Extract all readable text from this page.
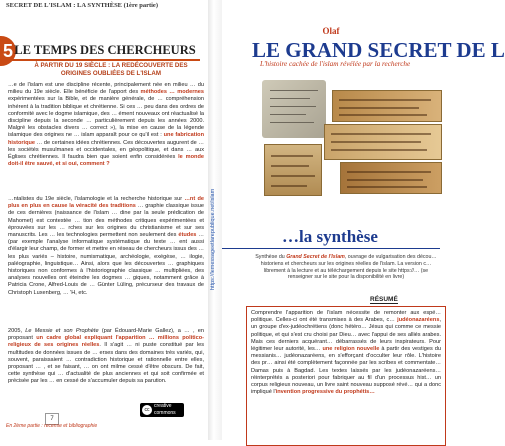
SECRET DE L'ISLAM : LA SYNTHÈSE (1ère partie)
5 LE TEMPS DES CHERCHEURS
À PARTIR DU 19 SIÈCLE : LA REDÉCOUVERTE DES ORIGINES OUBLIÉES DE L'ISLAM
…e de l'islam est une discipline récente, principalement née en milieu … du milieu du 19e siècle. Elle bénéficie de l'apport des méthodes … modernes expérimentées sur la Bible, et de manière générale, de … compréhension inhérent à la tradition biblique et chrétienne. Si ces … peu dans des ordres de conformité avec le dogme islamique, des … ément nouveaux ont réactualisé la discipline depuis la seconde … particulièrement depuis les années 2000. Malgré les obstacles divers … correct »), la mise en cause de la légende islamique des origines ne … islam apparaît pour ce qu'il est : une fabrication historique … de certaines idées chrétiennes. Ces découvertes augurent de … les sociétés musulmanes et occidentales, en géopolitique, et dans … aux Églises chrétiennes. Il faudra bien que soient enfin considérées le monde doit-il être sauvé, et si oui, comment ?
…ntalistes du 19e siècle, l'islamologie et la recherche historique sur …nt de plus en plus en cause la véracité des traditions … graphie classique issue de ces dernières (naissance de l'islam … dine par la seule prédication de Mahomet) est contestée … tion des méthodes critiques expérimentées et éprouvées sur les … rches sur les origines du christianisme et sur ses manuscrits. Les … les technologies permettent non seulement des études … (par exemple l'analyse informatique systématique du texte … ent aussi d'élargir leur champ, de former et mettre en réseau de chercheurs issus des … les plus variés – histoire, numismatique, archéologie, exégèse, … ilogie, paléographie, linguistique… Ainsi, alors que les découvertes … graphiques historiques non conformes à l'historiographie classique … multipliées, des analyses nouvelles ont éteindre les dogmes … giques, notamment grâce à Patricia Crone, Alfred-Louis de … Günter Lüling, précurseur des travaux de Christoph Luxenberg, … 'H, etc.
2005, Le Messie et son Prophète (par Édouard-Marie Gallez), a … , en proposant un cadre global expliquant l'apparition … millions politico-religieux de ses origines réelles. Il s'agit … ni puste constitué par les multitudes de données issues de … erses dans des domaines très variés, qui, souvent, paraissaient … contradiction historique et rationnelle entre elles, proposant … , et se faisant, … on ont milme cessé d'être obscurs. De fait, cette synthèse qui … d'actualité de plus anciennes et qui soit confirmée et précisée par les … en cessé de s'accumuler depuis sa parution.
cc
creative commons
7
En 2ème partie : recense et bibliographie
https://lemessageetlarepublique.net/islam
Olaf
LE GRAND SECRET DE L
L'histoire cachée de l'islam révélée par la recherche
…la synthèse
Synthèse du Grand Secret de l'Islam, ouvrage de vulgarisation des décou… historiens et chercheurs sur les origines réelles de l'islam. La version c… librement à la lecture et au téléchargement depuis le site https://… (se renseigner sur le site pour la disponibilité en livre)
RÉSUMÉ
Comprendre l'apparition de l'islam nécessite de remonter aux espé… politique. Celles-ci ont été transmises à des Arabes, c… judéonazaréens, un groupe d'ex-judéochrétiens (donc hétéro… Jésus qui comme ce messie politique, et qui s'est cru choisi par Dieu… avec l'appui de ses alliés arabes. Mais ces derniers acquérant… débarrassés de leurs inspirateurs. Pour légitimer leur autorité, les… une religion nouvelle à partir des vestiges du messianis… judéonazaréens, en s'efforçant d'occulter leur rôle. L'histoire des pr… ainsi été complètement façonnée par les scribes et commentate… Damas puis à Bagdad. Les textes laissés par les judéonazaréens… réinterprétés a posteriori pour fabriquer au fil d'un processus hist… un corpus religieux nouveau, un livre saint nouveau supposé révé… qui a donc impliqué l'invention progressive du prophétis…
